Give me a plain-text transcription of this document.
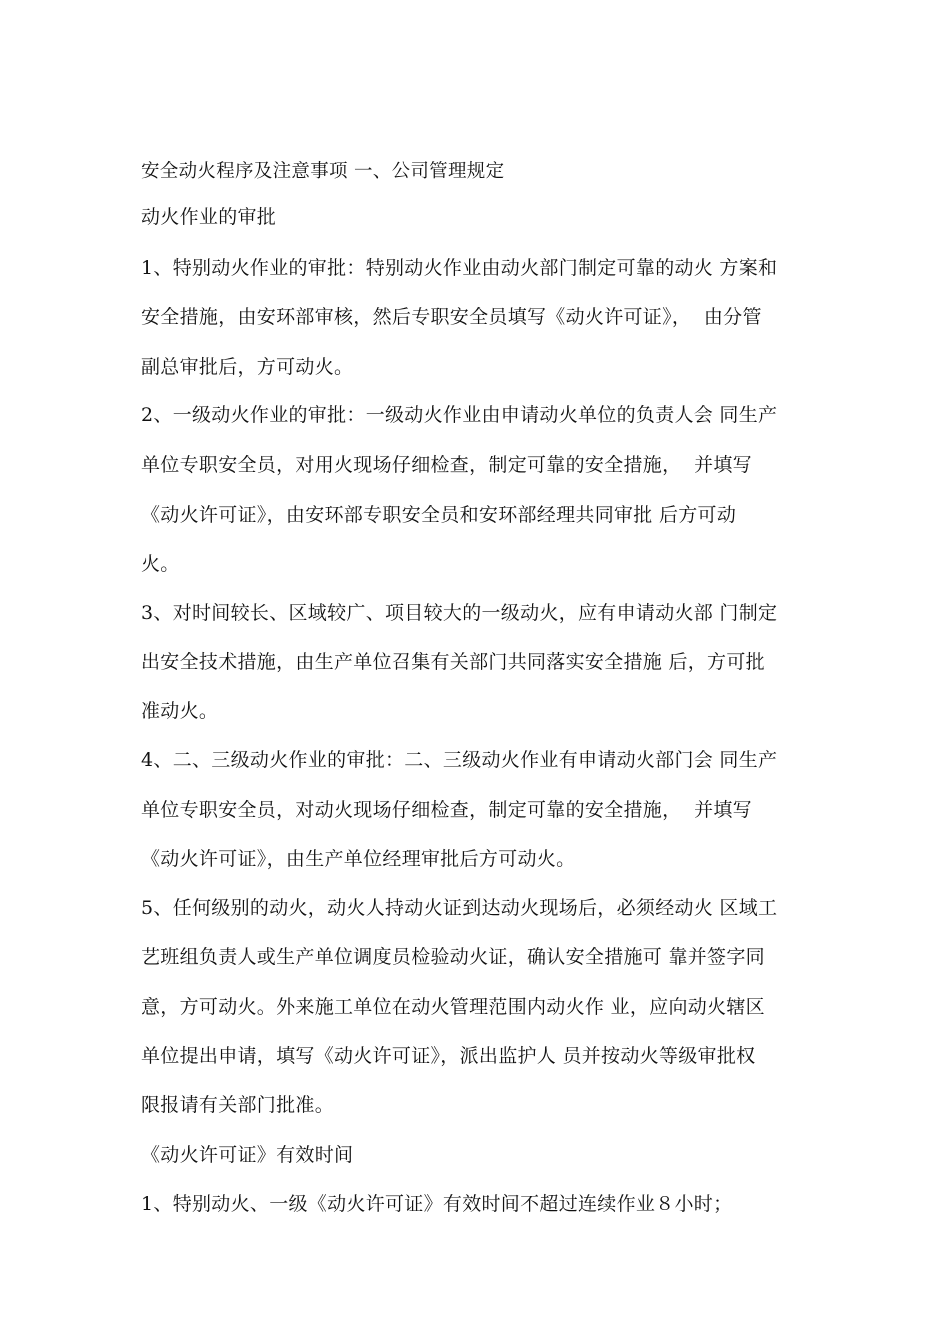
安全动火程序及注意事项 一、公司管理规定
动火作业的审批
1、特别动火作业的审批：特别动火作业由动火部门制定可靠的动火 方案和
安全措施，由安环部审核，然后专职安全员填写《动火许可证》，  由分管
副总审批后，方可动火。
2、一级动火作业的审批：一级动火作业由申请动火单位的负责人会 同生产
单位专职安全员，对用火现场仔细检查，制定可靠的安全措施，  并填写
《动火许可证》，由安环部专职安全员和安环部经理共同审批 后方可动
火。
3、对时间较长、区域较广、项目较大的一级动火，应有申请动火部 门制定
出安全技术措施，由生产单位召集有关部门共同落实安全措施 后，方可批
准动火。
4、二、三级动火作业的审批：二、三级动火作业有申请动火部门会 同生产
单位专职安全员，对动火现场仔细检查，制定可靠的安全措施，  并填写
《动火许可证》，由生产单位经理审批后方可动火。
5、任何级别的动火，动火人持动火证到达动火现场后，必须经动火 区域工
艺班组负责人或生产单位调度员检验动火证，确认安全措施可 靠并签字同
意，方可动火。外来施工单位在动火管理范围内动火作 业，应向动火辖区
单位提出申请，填写《动火许可证》，派出监护人 员并按动火等级审批权
限报请有关部门批准。
《动火许可证》有效时间
1、特别动火、一级《动火许可证》有效时间不超过连续作业８小时；
